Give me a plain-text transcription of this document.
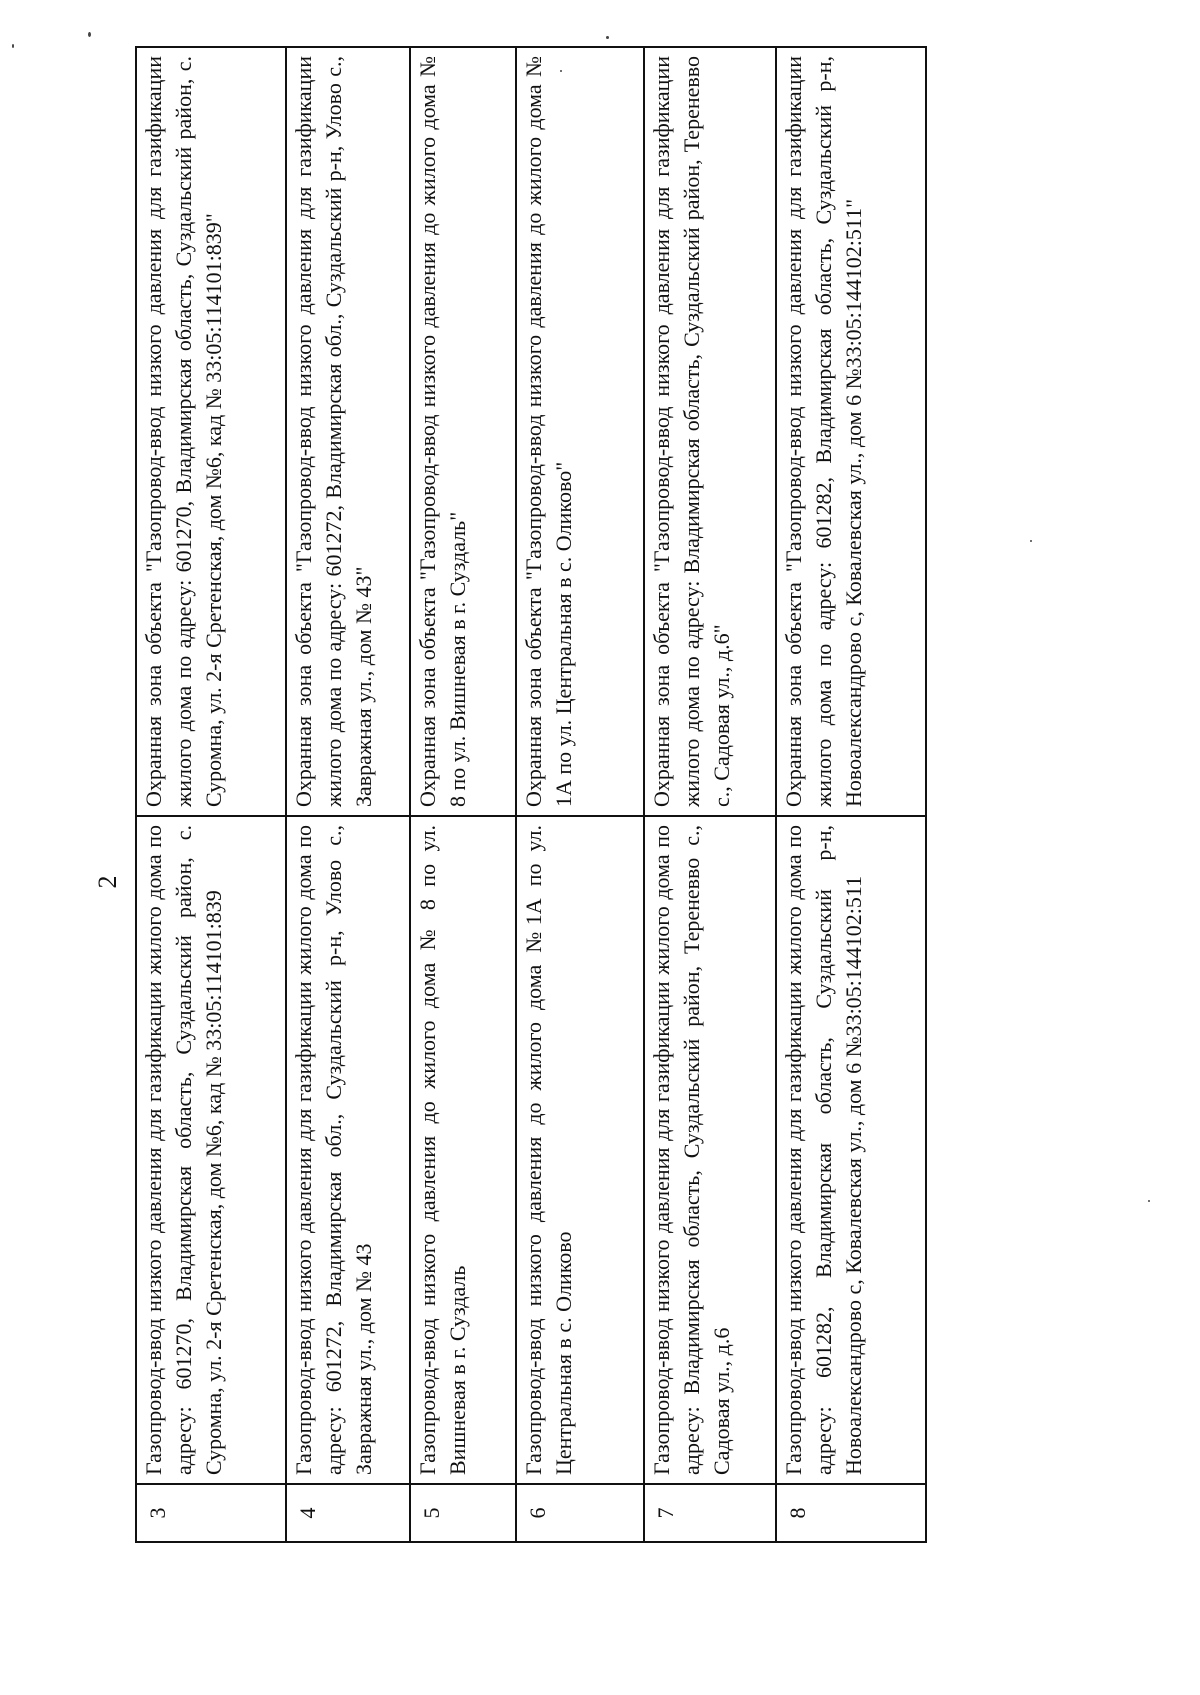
2
3	Газопровод-ввод низкого давления для газификации жилого дома по адресу: 601270, Владимирская область, Суздальский район, с. Суромна, ул. 2-я Сретенская, дом №6, кад № 33:05:114101:839	Охранная зона объекта "Газопровод-ввод низкого давления для газификации жилого дома по адресу: 601270, Владимирская область, Суздальский район, с. Суромна, ул. 2-я Сретенская, дом №6, кад № 33:05:114101:839"
4	Газопровод-ввод низкого давления для газификации жилого дома по адресу: 601272, Владимирская обл., Суздальский р-н, Улово с., Завражная ул., дом № 43	Охранная зона объекта "Газопровод-ввод низкого давления для газификации жилого дома по адресу: 601272, Владимирская обл., Суздальский р-н, Улово с., Завражная ул., дом № 43"
5	Газопровод-ввод низкого давления до жилого дома № 8 по ул. Вишневая в г. Суздаль	Охранная зона объекта "Газопровод-ввод низкого давления до жилого дома № 8 по ул. Вишневая в г. Суздаль"
6	Газопровод-ввод низкого давления до жилого дома №1А по ул. Центральная в с. Оликово	Охранная зона объекта "Газопровод-ввод низкого давления до жилого дома № 1А по ул. Центральная в с. Оликово"
7	Газопровод-ввод низкого давления для газификации жилого дома по адресу: Владимирская область, Суздальский район, Тереневво с., Садовая ул., д.6	Охранная зона объекта "Газопровод-ввод низкого давления для газификации жилого дома по адресу: Владимирская область, Суздальский район, Тереневво с., Садовая ул., д.6"
8	Газопровод-ввод низкого давления для газификации жилого дома по адресу: 601282, Владимирская область, Суздальский р-н, Новоалександрово с, Ковалевская ул., дом 6 №33:05:144102:511	Охранная зона объекта "Газопровод-ввод низкого давления для газификации жилого дома по адресу: 601282, Владимирская область, Суздальский р-н, Новоалександрово с, Ковалевская ул., дом 6 №33:05:144102:511"
